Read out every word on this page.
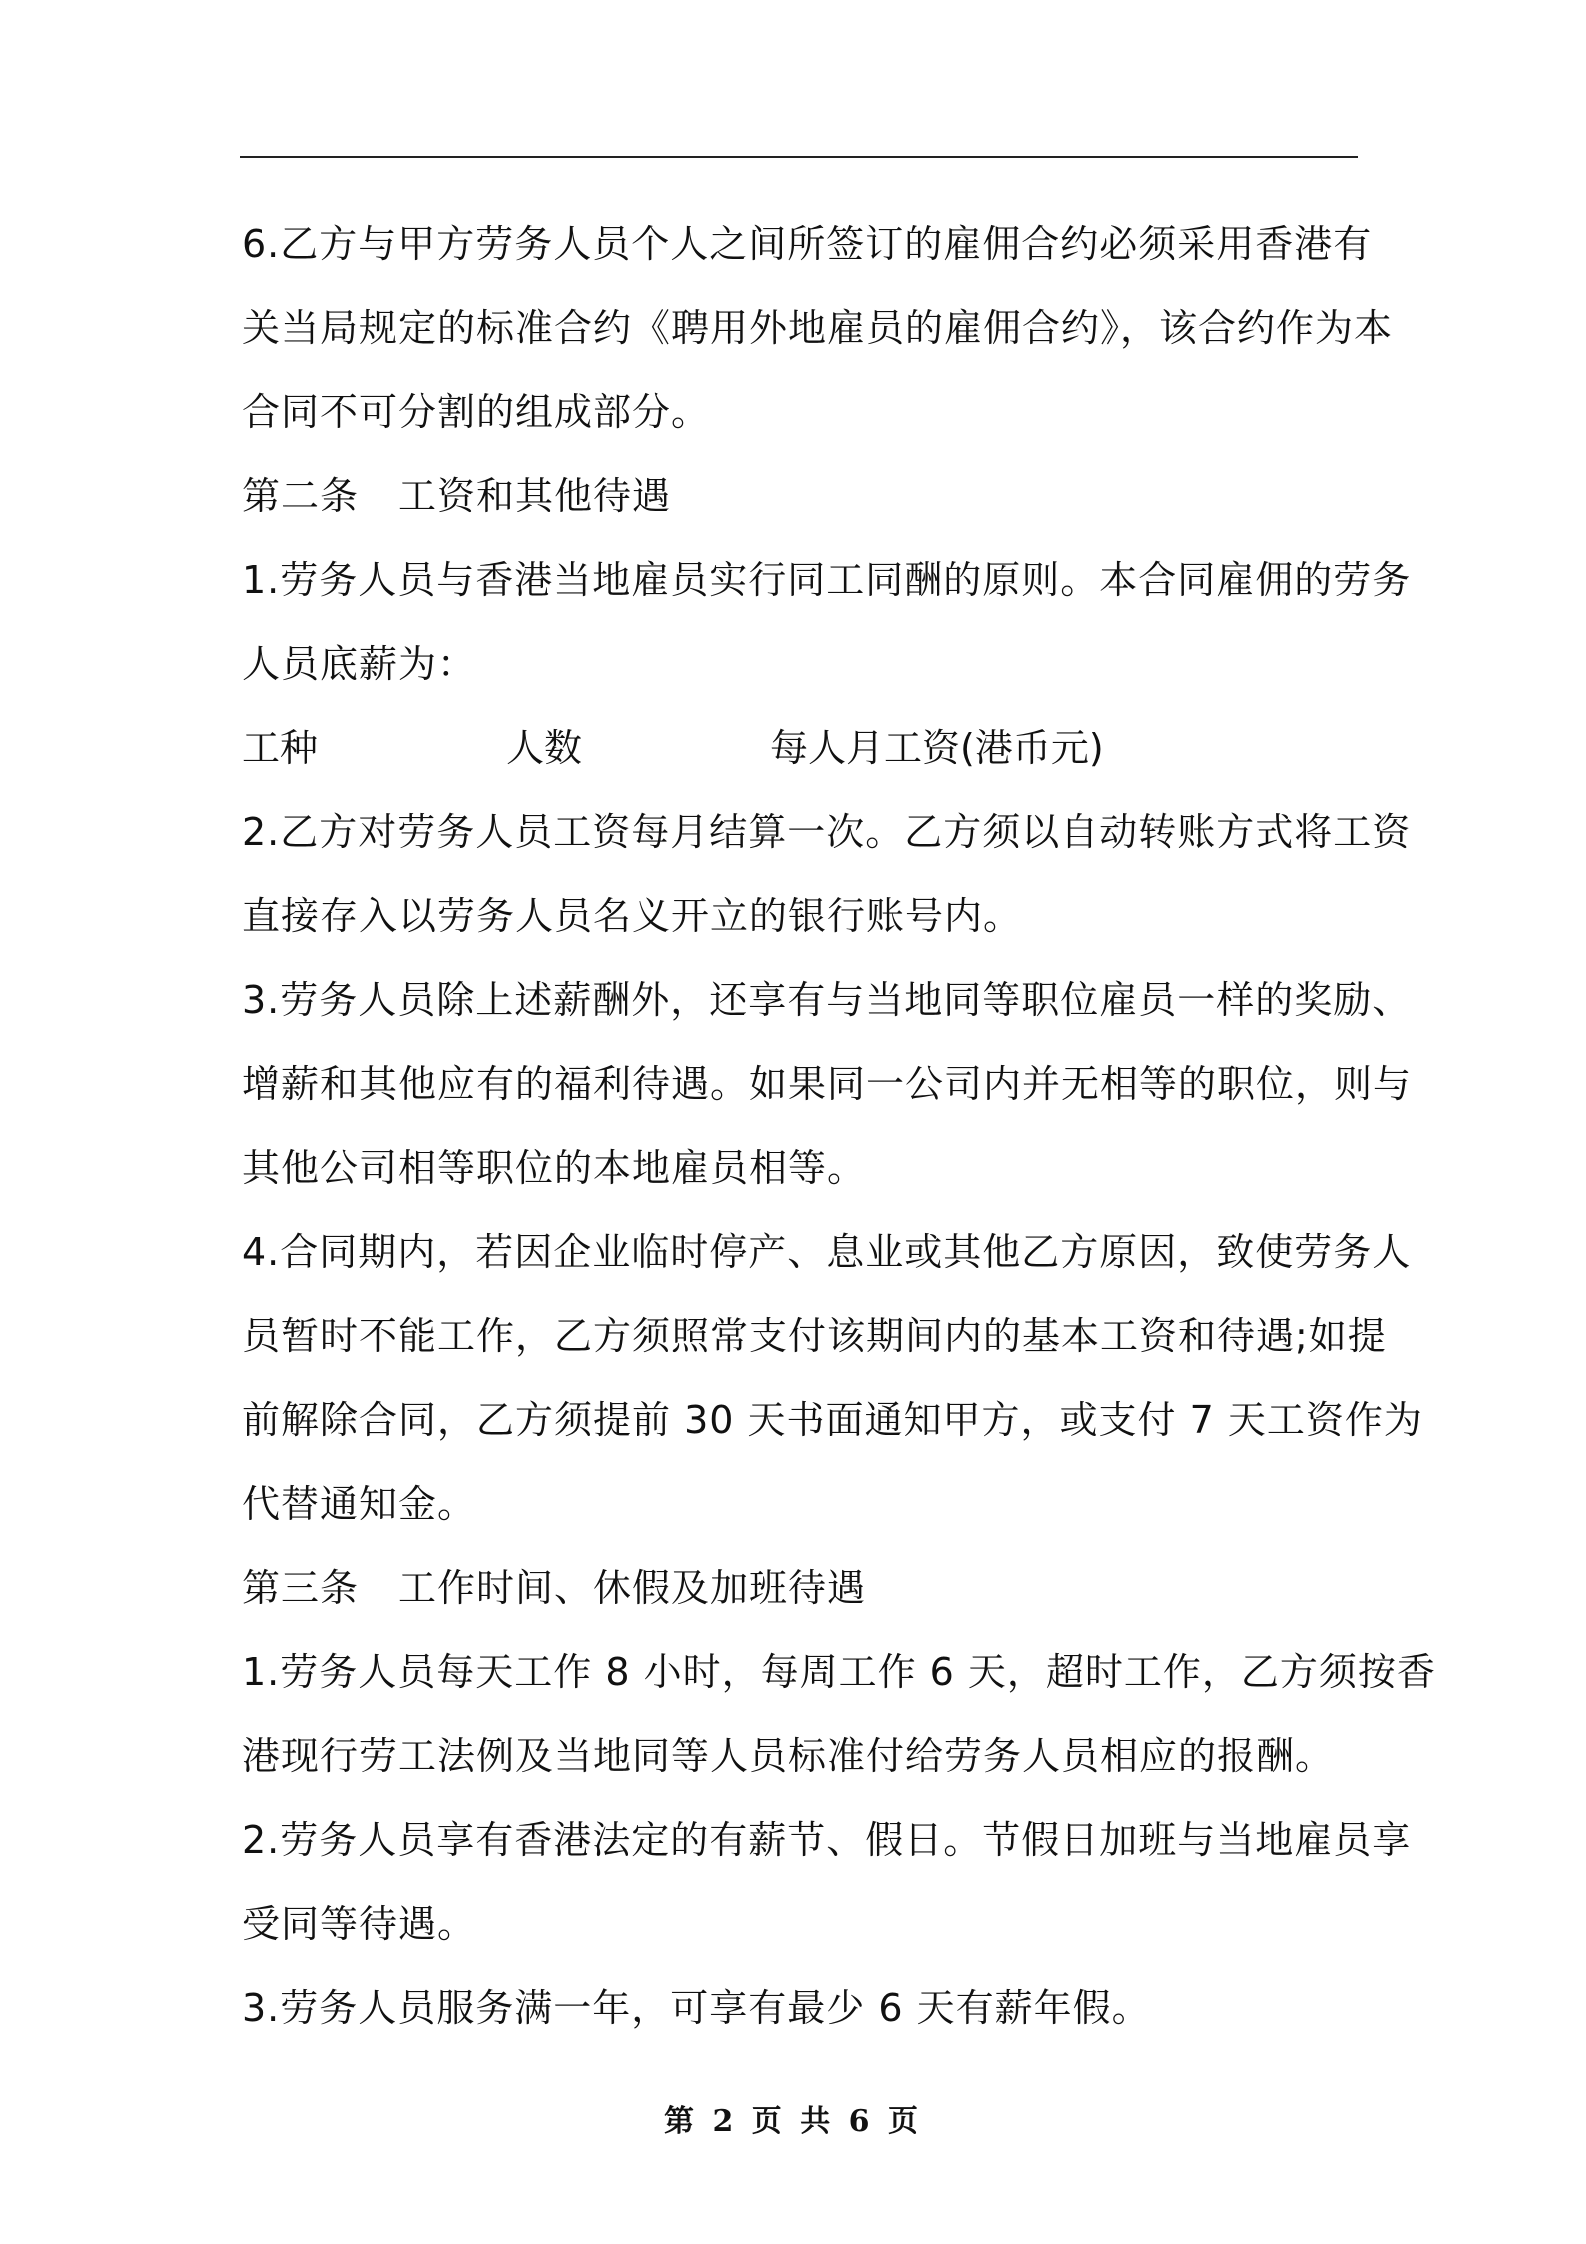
6.乙方与甲方劳务人员个人之间所签订的雇佣合约必须采用香港有
关当局规定的标准合约《聘用外地雇员的雇佣合约》，该合约作为本
合同不可分割的组成部分。
第二条　工资和其他待遇
1.劳务人员与香港当地雇员实行同工同酬的原则。本合同雇佣的劳务
人员底薪为：
工种	人数	每人月工资(港币元)
2.乙方对劳务人员工资每月结算一次。乙方须以自动转账方式将工资
直接存入以劳务人员名义开立的银行账号内。
3.劳务人员除上述薪酬外，还享有与当地同等职位雇员一样的奖励、
增薪和其他应有的福利待遇。如果同一公司内并无相等的职位，则与
其他公司相等职位的本地雇员相等。
4.合同期内，若因企业临时停产、息业或其他乙方原因，致使劳务人
员暂时不能工作，乙方须照常支付该期间内的基本工资和待遇;如提
前解除合同，乙方须提前 30 天书面通知甲方，或支付 7 天工资作为
代替通知金。
第三条　工作时间、休假及加班待遇
1.劳务人员每天工作 8 小时，每周工作 6 天，超时工作，乙方须按香
港现行劳工法例及当地同等人员标准付给劳务人员相应的报酬。
2.劳务人员享有香港法定的有薪节、假日。节假日加班与当地雇员享
受同等待遇。
3.劳务人员服务满一年，可享有最少 6 天有薪年假。
第 2 页 共 6 页
